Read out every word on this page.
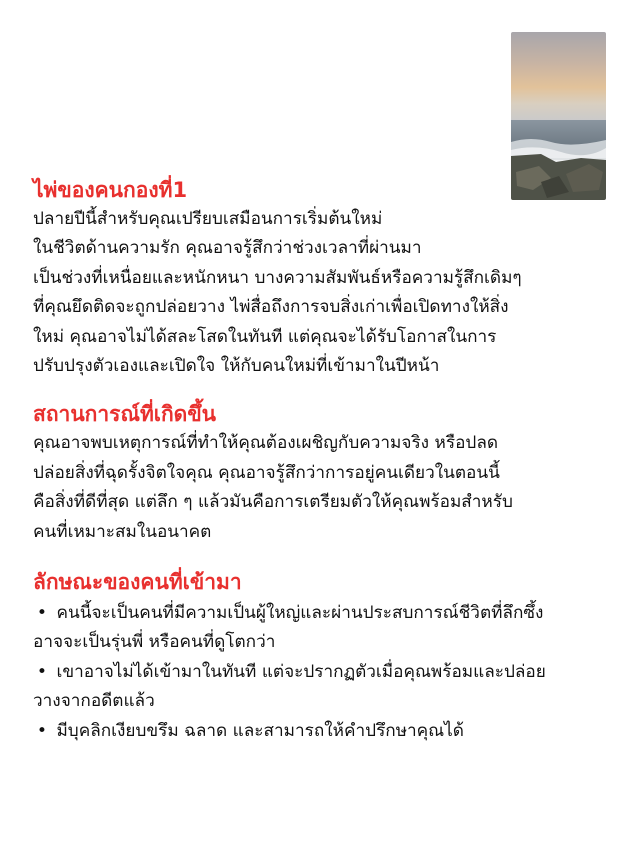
ไพ่ของคนกองที่1

ปลายปีนี้สำหรับคุณเปรียบเสมือนการเริ่มต้นใหม่
ในชีวิตด้านความรัก คุณอาจรู้สึกว่าช่วงเวลาที่ผ่านมา
เป็นช่วงที่เหนื่อยและหนักหนา บางความสัมพันธ์หรือความรู้สึกเดิมๆ
ที่คุณยึดติดจะถูกปล่อยวาง ไพ่สื่อถึงการจบสิ่งเก่าเพื่อเปิดทางให้สิ่ง
ใหม่ คุณอาจไม่ได้สละโสดในทันที แต่คุณจะได้รับโอกาสในการ
ปรับปรุงตัวเองและเปิดใจ ให้กับคนใหม่ที่เข้ามาในปีหน้า

สถานการณ์ที่เกิดขึ้น

คุณอาจพบเหตุการณ์ที่ทำให้คุณต้องเผชิญกับความจริง หรือปลด
ปล่อยสิ่งที่ฉุดรั้งจิตใจคุณ คุณอาจรู้สึกว่าการอยู่คนเดียวในตอนนี้
คือสิ่งที่ดีที่สุด แต่ลึก ๆ แล้วมันคือการเตรียมตัวให้คุณพร้อมสำหรับ
คนที่เหมาะสมในอนาคต

ลักษณะของคนที่เข้ามา
• คนนี้จะเป็นคนที่มีความเป็นผู้ใหญ่และผ่านประสบการณ์ชีวิตที่ลึกซึ้ง
อาจจะเป็นรุ่นพี่ หรือคนที่ดูโตกว่า
• เขาอาจไม่ได้เข้ามาในทันที แต่จะปรากฏตัวเมื่อคุณพร้อมและปล่อย
วางจากอดีตแล้ว
• มีบุคลิกเงียบขรึม ฉลาด และสามารถให้คำปรึกษาคุณได้
